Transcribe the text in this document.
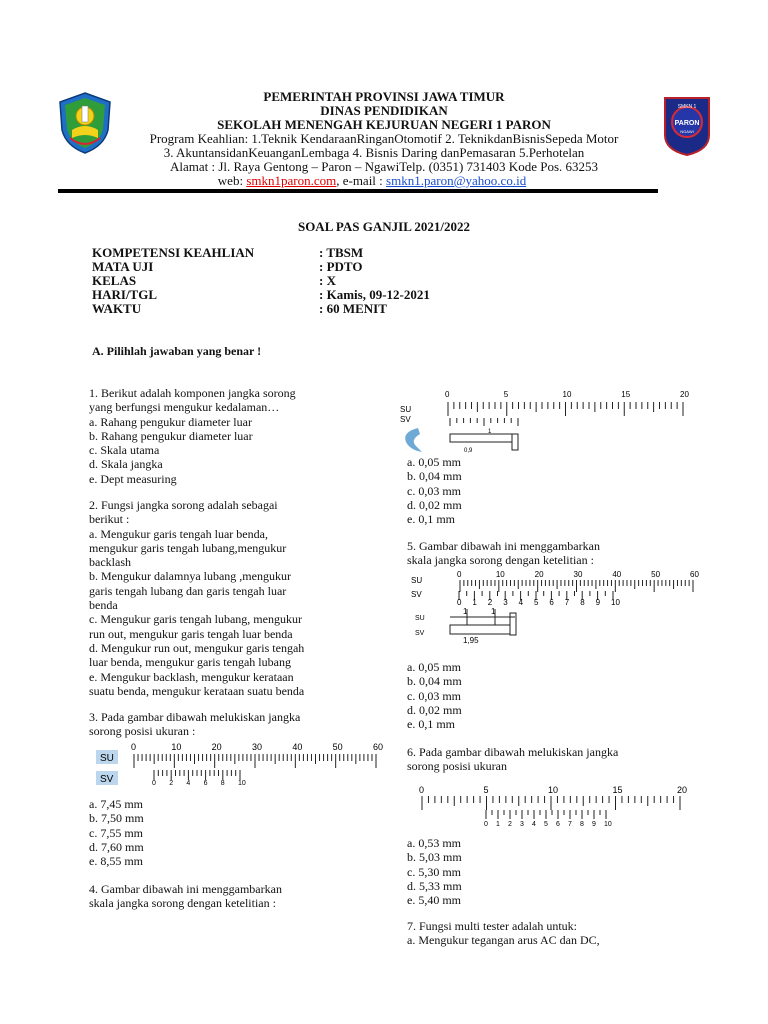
SMKN 1
PARON
NGAWI
PEMERINTAH PROVINSI JAWA TIMUR
DINAS PENDIDIKAN
SEKOLAH MENENGAH KEJURUAN NEGERI 1 PARON
Program Keahlian: 1.Teknik KendaraanRinganOtomotif 2. TeknikdanBisnisSepeda Motor
3. AkuntansidanKeuanganLembaga 4. Bisnis Daring danPemasaran 5.Perhotelan
Alamat : Jl. Raya Gentong – Paron – NgawiTelp. (0351) 731403 Kode Pos. 63253
web: smkn1paron.com, e-mail : smkn1.paron@yahoo.co.id
SOAL PAS GANJIL 2021/2022
KOMPETENSI KEAHLIAN	: TBSM
MATA UJI	: PDTO
KELAS	: X
HARI/TGL	: Kamis, 09-12-2021
WAKTU	: 60 MENIT
A. Pilihlah jawaban yang benar !
1. Berikut adalah komponen jangka sorong
yang berfungsi mengukur kedalaman…
a. Rahang pengukur diameter luar
b. Rahang pengukur diameter luar
c. Skala utama
d. Skala jangka
e. Dept measuring
2. Fungsi jangka sorong adalah sebagai
berikut :
a. Mengukur garis tengah luar benda,
mengukur garis tengah lubang,mengukur
backlash
b. Mengukur dalamnya lubang ,mengukur
garis tengah lubang dan garis tengah luar
benda
c. Mengukur garis tengah lubang, mengukur
run out, mengukur garis tengah luar benda
d. Mengukur run out, mengukur garis tengah
luar benda, mengukur garis tengah lubang
e. Mengukur backlash, mengukur kerataan
suatu benda, mengukur kerataan suatu benda
3. Pada gambar dibawah melukiskan jangka
sorong posisi ukuran :
SU
SV
0	10	20	30	40	50	60
0 2 4 6 8 10
a. 7,45 mm
b. 7,50 mm
c. 7,55 mm
d. 7,60 mm
e. 8,55 mm
4. Gambar dibawah ini menggambarkan
skala jangka sorong dengan ketelitian :
SU
SV
0	5	10	15	20
1
0,9
a. 0,05 mm
b. 0,04 mm
c. 0,03 mm
d. 0,02 mm
e. 0,1 mm
5. Gambar dibawah ini menggambarkan
skala jangka sorong dengan ketelitian :
SU
SV
0	10	20	30	40	50	60
0 1 2 3 4 5 6 7 8 9 10
SU
SV
1	1
1,95
a. 0,05 mm
b. 0,04 mm
c. 0,03 mm
d. 0,02 mm
e. 0,1 mm
6. Pada gambar dibawah melukiskan jangka
sorong posisi ukuran
0	5	10	15	20
0 1 2 3 4 5 6 7 8 9 10
a. 0,53 mm
b. 5,03 mm
c. 5,30 mm
d. 5,33 mm
e. 5,40 mm
7. Fungsi multi tester adalah untuk:
a. Mengukur tegangan arus AC dan DC,
